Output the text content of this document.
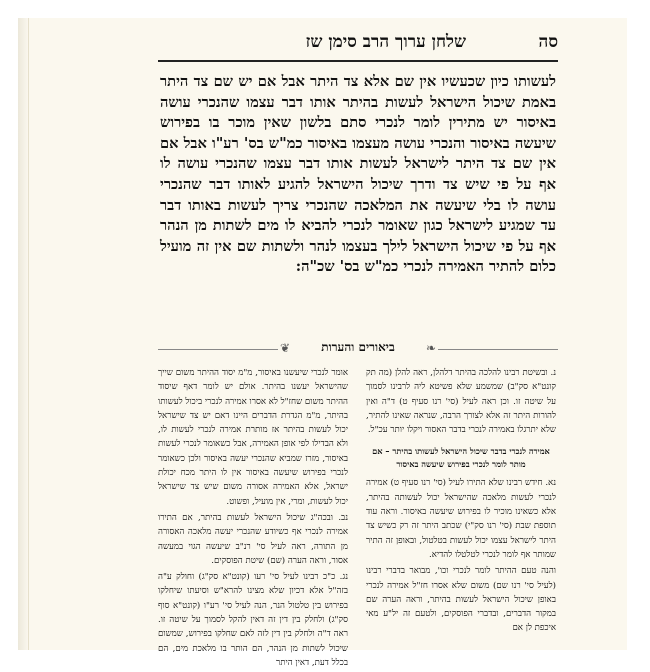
שלחן ערוך הרב סימן שז	סה

לעשותו כיון שכעשיו אין שם אלא צד היתר אבל אם יש שם צד היתר באמת שיכול הישראל לעשות בהיתר אותו דבר עצמו שהנכרי עושה באיסור יש מתירין לומר לנכרי סתם בלשון שאין מוכר בו בפירוש שיעשה באיסור והנכרי עושה מעצמו באיסור כמ"ש בס' רע"ו אבל אם אין שם צד היתר לישראל לעשות אותו דבר עצמו שהנכרי עושה לו אף על פי שיש צד ודרך שיכול הישראל להגיע לאותו דבר שהנכרי עושה לו בלי שיעשה את המלאכה שהנכרי צריך לעשות באותו דבר עד שמגיע לישראל כגון שאומר לנכרי להביא לו מים לשתות מן הנהר אף על פי שיכול הישראל לילך בעצמו לנהר ולשתות שם אין זה מועיל כלום להתיר האמירה לנכרי כמ"ש בס' שכ"ה:

❦	❧
ביאורים והערות

נ. ובשיטת רבינו להלכה בהיתר דלהלן, ראה להלן (מה תק קונט"א סק"ב) שמשמע שלא פשיטא ליה לרבינו לסמוך על שיטה זו. וכן ראה לעיל (סי' רנו סעיף ט) ד"ה ואין להורות היתר זה אלא לצורך הרבה, שנראה שאינו להתיר, שלא יתרגלו באמירה לנכרי בדבר האסור ויקלו יותר עכ"ל.

אמירה לנכרי בדבר שיכול הישראל לעשותו בהיתר – אם מותר לומר לנכרי בפירוש שיעשה באיסור

נא. חידש רבינו שלא התירו לעיל (סי' רנו סעיף ט) אמירה לנכרי לעשות מלאכה שהישראל יכול לעשותה בהיתר, אלא כשאינו מוכיר לו בפירוש שיעשה באיסור. וראה עוד תוספת שבת (סי' רנו סק"י) שכתב היתר זה רק כשיש צד היתר לישראל עצמו יכול לעשות בטלטול, ובאופן זה התיר שמותר אף לומר לנכרי לטלטלו להדיא.

והנה טעם ההיתר לומר לנכרי וכו', מבואר בדברי רבינו (לעיל סי' רנו שם) משום שלא אסרו חז"ל אמירה לנכרי באופן שיכול הישראל לעשות בהיתר, וראה הערה שם במקור הדברים, ובדברי הפוסקים, ולטעם זה יל"ע מאי איכפת לן אם

אומר לנכרי שיעשנו באיסור, מ"מ יסוד ההיתר משום שייך שהישראל יעשנו בהיתר. אולם יש לומר דאף שיסוד ההיתר משום שחז"ל לא אסרו אמירה לנכרי ביכול לעשותו בהיתר, מ"מ הגדרת הדברים היינו דאם יש צד שישראל יכול לעשות בהיתר אז מותרת אמירה לנכרי לעשות לו, ולא הבדילו לפי אופן האמירה, אבל כשאומר לנכרי לעשות באיסור, מזרז שמביא שהנכרי יעשה באיסור ולכן כשאומר לנכרי בפירוש שיעשה באיסור אין לו היתר מכח יכולת ישראל, אלא האמירה אסורה משום שיש צד שישראל יכול לעשות, ומרי, אין מועיל, ופשוט.

נב. ובכה"ג שיכול הישראל לעשות בהיתר, אם התירו אמירה לנכרי אף כשיודע שהנכרי יעשה מלאכה האסורה מן התורה, ראה לעיל סי' רנ"ב שיעשה הגוי במעשה אסור, וראה הערה (שם) שיטת הפוסקים.

נג. כ"כ רבינו לעיל סי' רעו (קונט"א סק"ג) וחולק ע"ה בזה"ל אלא דכיון שלא מצינו להרא"ש וסיעתו שיחלקו בפירוש בין טלטול הנר, הנה לעיל סי' רע"ו (קונט"א סוף סק"ג) ולחלק בין דין זה דאין להקל לסמוך על שיטה זו. ראה ד"ה ולחלק בין דין לזה לאם שחלקו בפירוש, שמשום שיכול לשתות מן הנהר, הם הותר בו מלאכת מים, הם בכלל דעת, דאין היתר
